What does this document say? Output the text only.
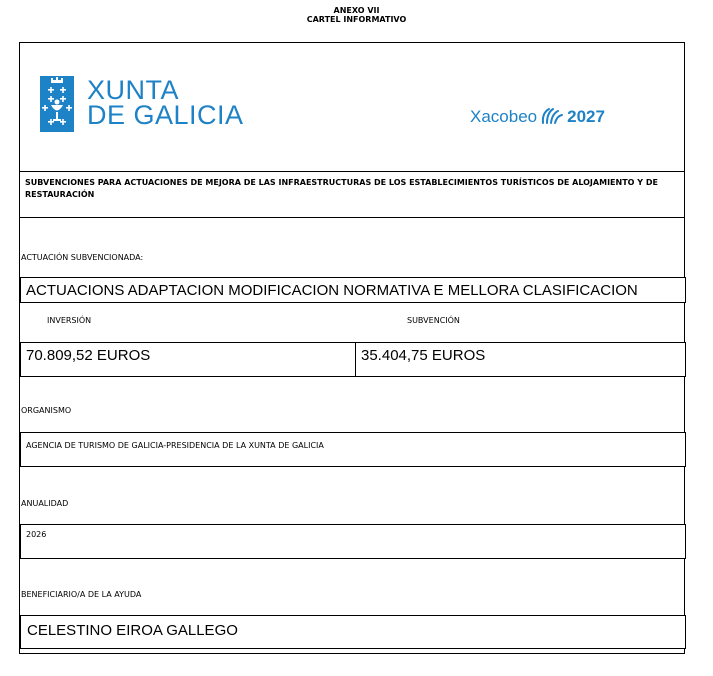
ANEXO VII
CARTEL INFORMATIVO
XUNTA
DE GALICIA	Xacobeo 2027
SUBVENCIONES PARA ACTUACIONES DE MEJORA DE LAS INFRAESTRUCTURAS DE LOS ESTABLECIMIENTOS TURÍSTICOS DE ALOJAMIENTO Y DE RESTAURACIÓN
ACTUACIÓN SUBVENCIONADA:
ACTUACIONS ADAPTACION MODIFICACION NORMATIVA E MELLORA CLASIFICACION
INVERSIÓN	SUBVENCIÓN
70.809,52 EUROS	35.404,75 EUROS
ORGANISMO
AGENCIA DE TURISMO DE GALICIA-PRESIDENCIA DE LA XUNTA DE GALICIA
ANUALIDAD
2026
BENEFICIARIO/A DE LA AYUDA
CELESTINO EIROA GALLEGO
